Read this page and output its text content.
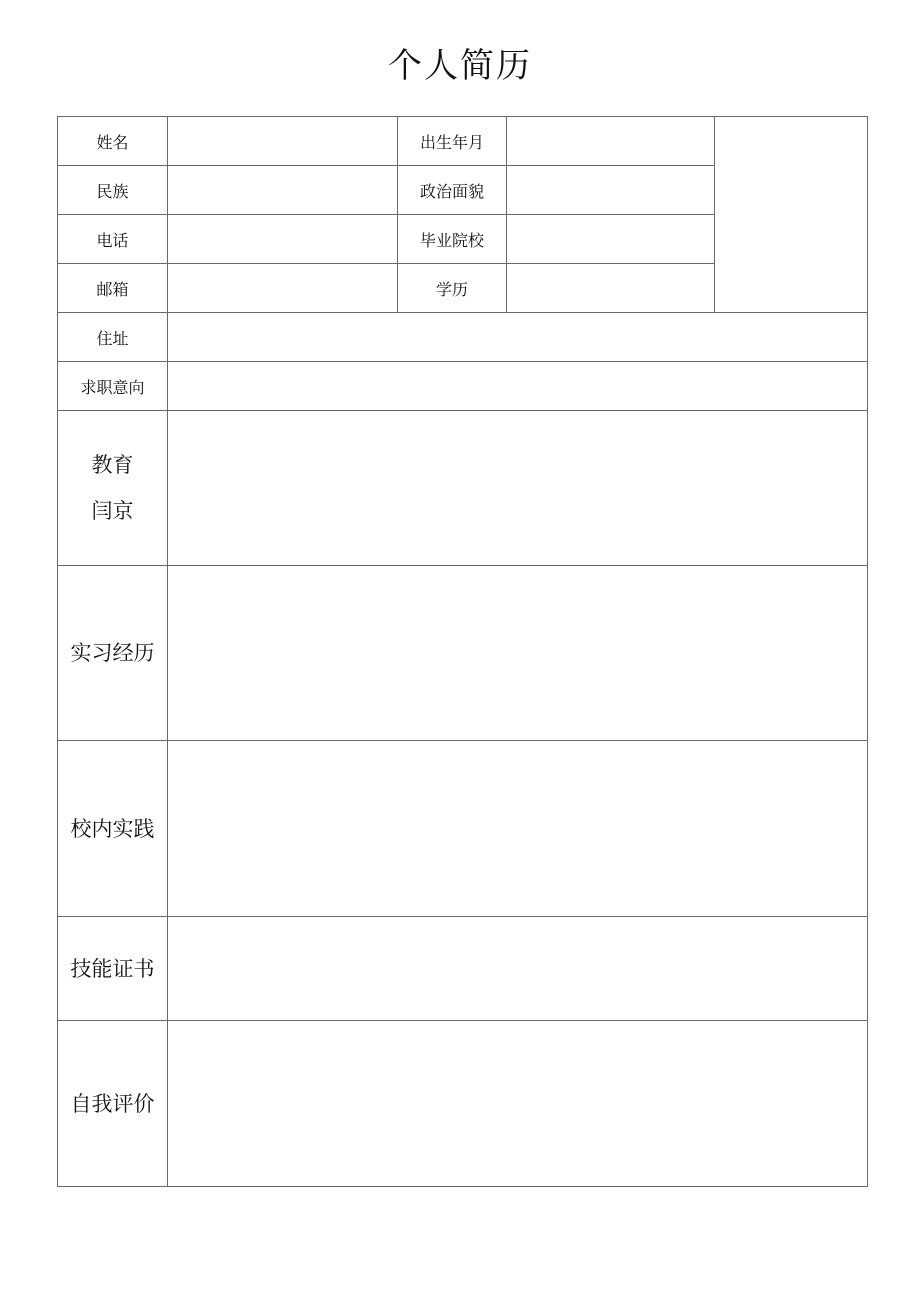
个人简历
姓名		出生年月		
民族		政治面貌		
电话		毕业院校		
邮箱		学历		
住址				
求职意向				

教育
闫京				

实习经历				
校内实践				
技能证书				
自我评价				
